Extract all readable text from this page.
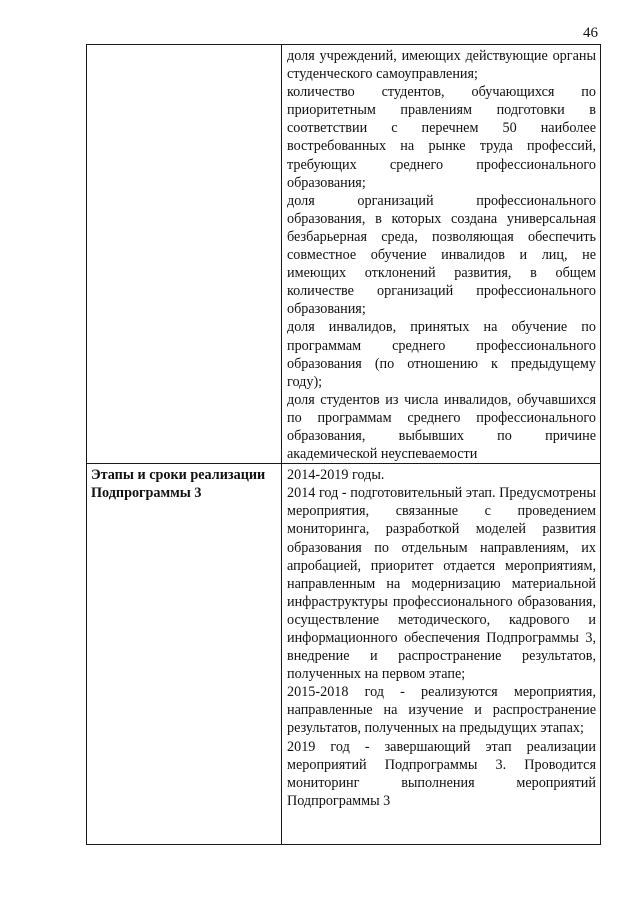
46

	доля учреждений, имеющих действующие органы студенческого самоуправления;

количество студентов, обучающихся по приоритетным правлениям подготовки в соответствии с перечнем 50 наиболее востребованных на рынке труда профессий, требующих среднего профессионального образования;

доля организаций профессионального образования, в которых создана универсальная безбарьерная среда, позволяющая обеспечить совместное обучение инвалидов и лиц, не имеющих отклонений развития, в общем количестве организаций профессионального образования;

доля инвалидов, принятых на обучение по программам среднего профессионального образования (по отношению к предыдущему году);

доля студентов из числа инвалидов, обучавшихся по программам среднего профессионального образования, выбывших по причине академической неуспеваемости

Этапы и сроки реализации Подпрограммы 3	2014-2019 годы.

2014 год - подготовительный этап. Предусмотрены мероприятия, связанные с проведением мониторинга, разработкой моделей развития образования по отдельным направлениям, их апробацией, приоритет отдается мероприятиям, направленным на модернизацию материальной инфраструктуры профессионального образования, осуществление методического, кадрового и информационного обеспечения Подпрограммы 3, внедрение и распространение результатов, полученных на первом этапе;

2015-2018 год - реализуются мероприятия, направленные на изучение и распространение результатов, полученных на предыдущих этапах;

2019 год - завершающий этап реализации мероприятий Подпрограммы 3. Проводится мониторинг выполнения мероприятий Подпрограммы 3
